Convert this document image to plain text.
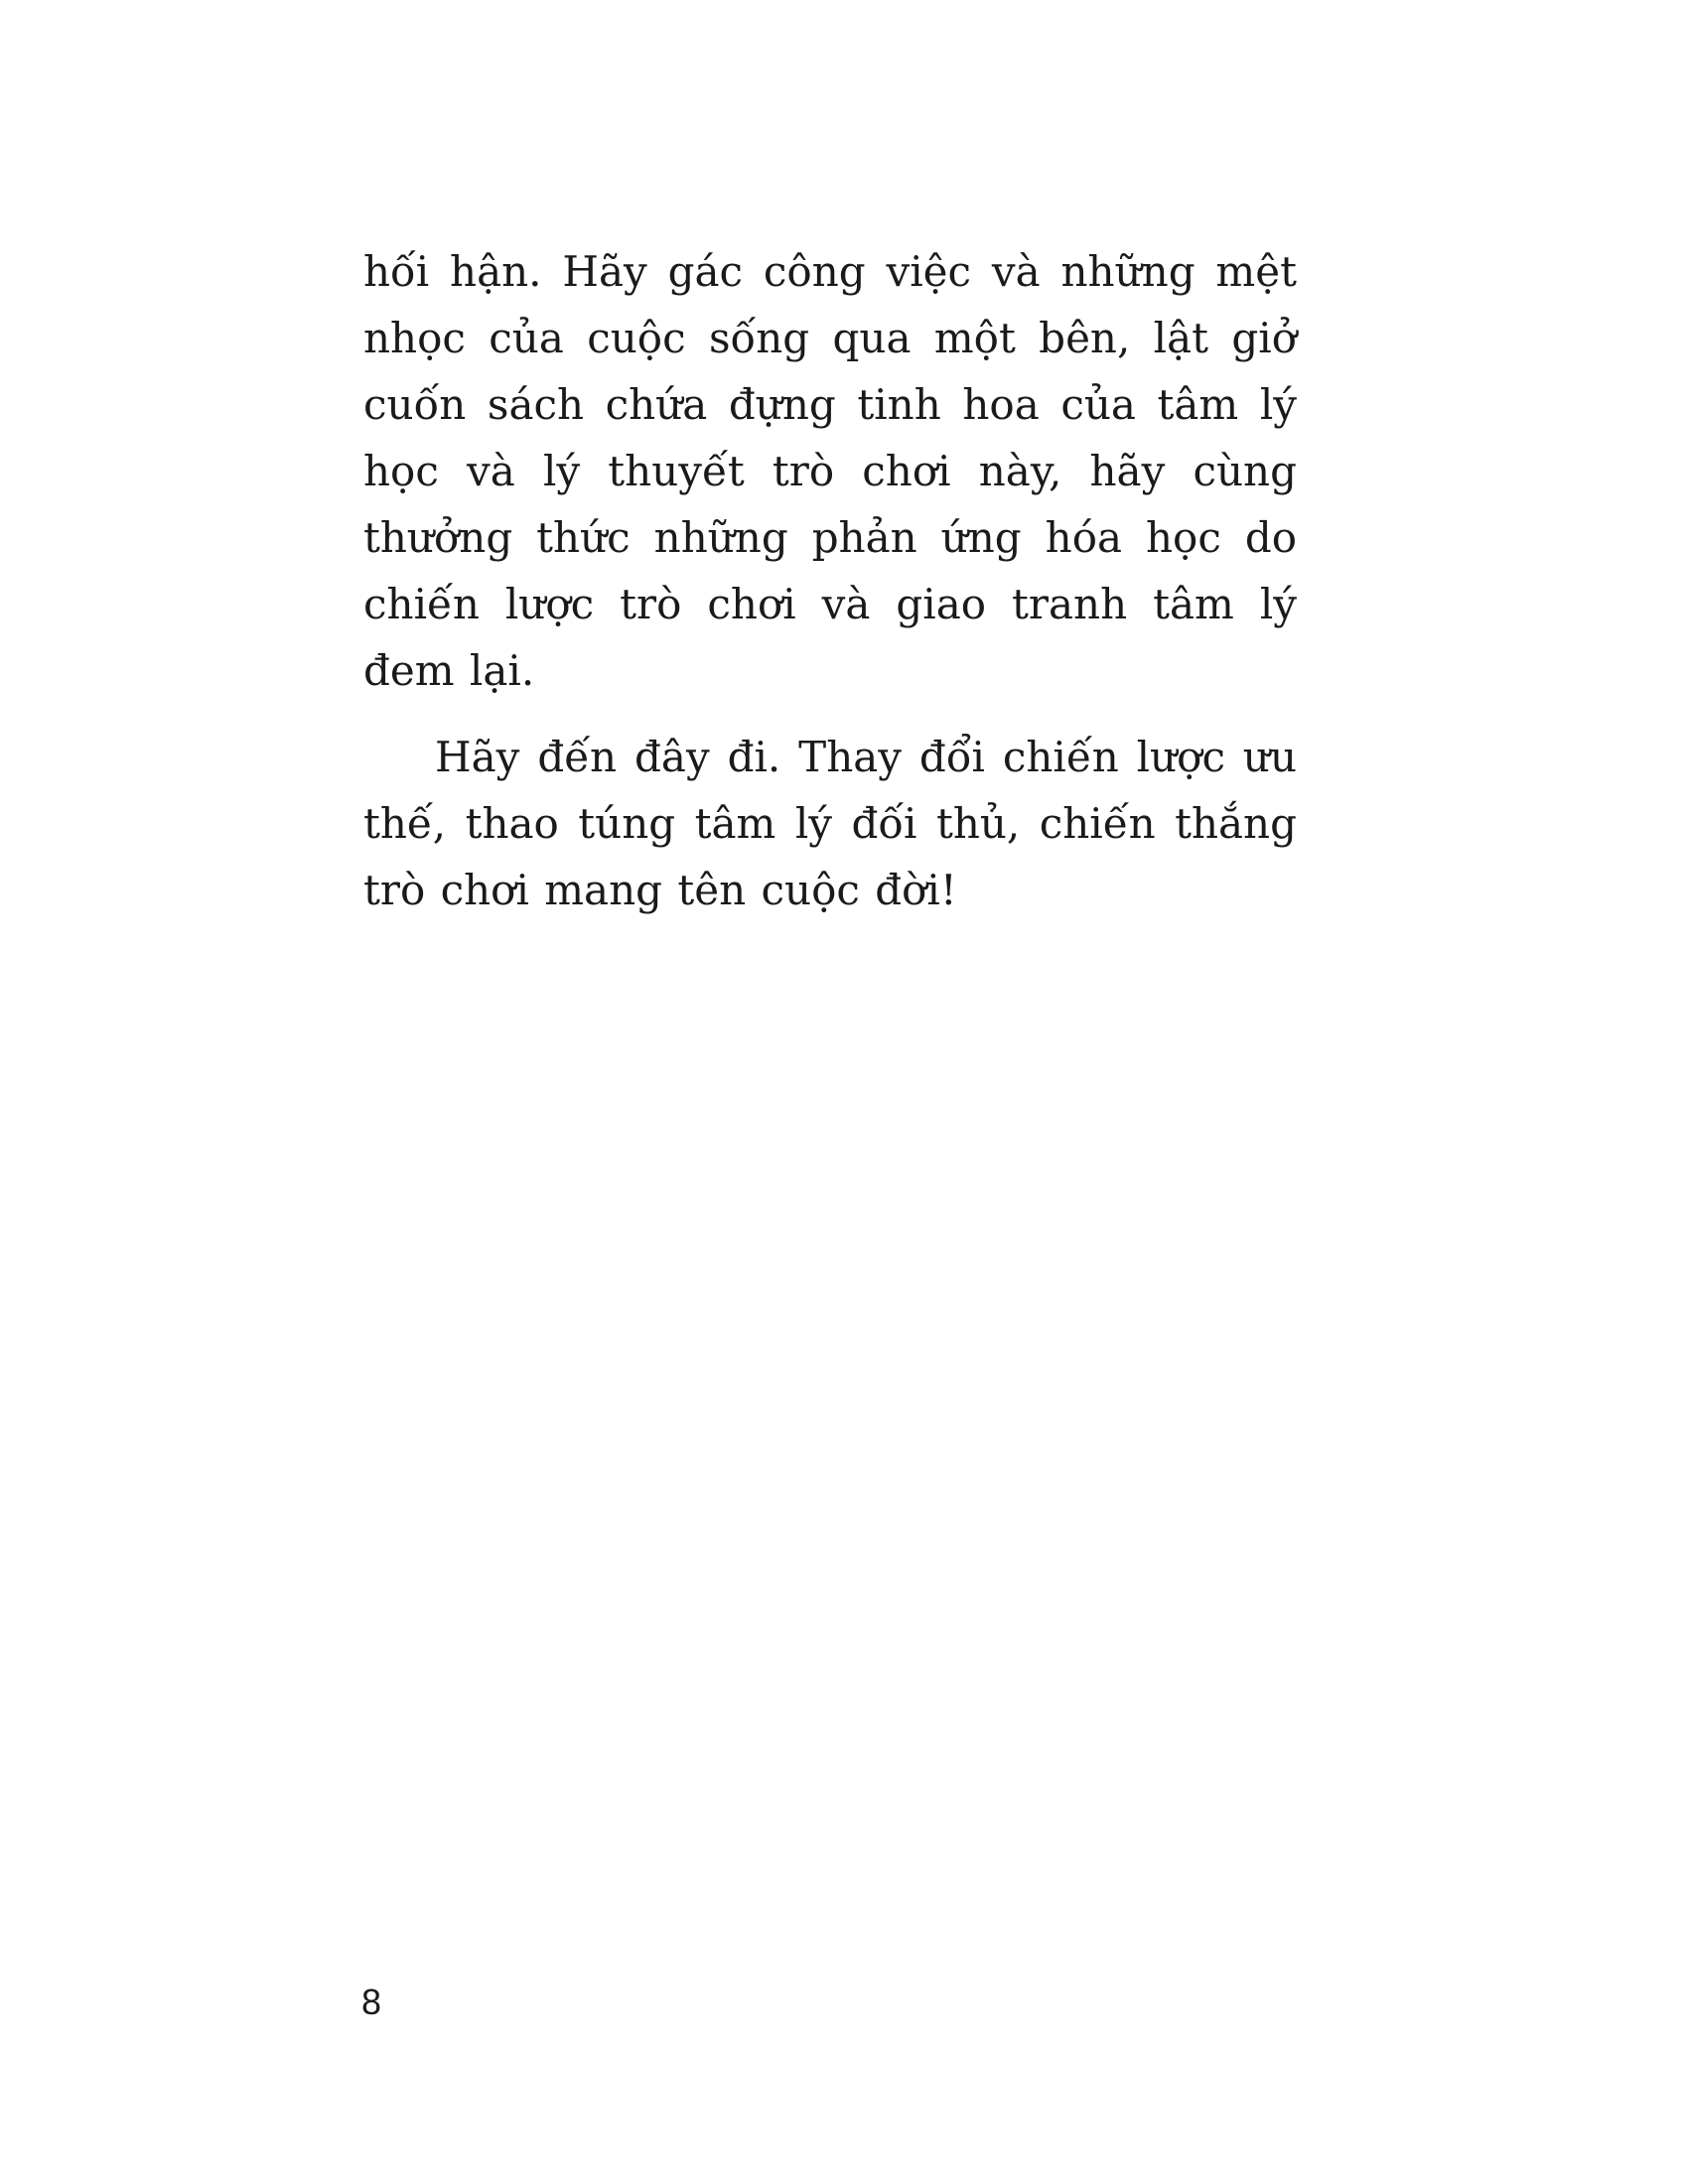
hối hận. Hãy gác công việc và những mệt nhọc của cuộc sống qua một bên, lật giở cuốn sách chứa đựng tinh hoa của tâm lý học và lý thuyết trò chơi này, hãy cùng thưởng thức những phản ứng hóa học do chiến lược trò chơi và giao tranh tâm lý đem lại.

Hãy đến đây đi. Thay đổi chiến lược ưu thế, thao túng tâm lý đối thủ, chiến thắng trò chơi mang tên cuộc đời!

8
